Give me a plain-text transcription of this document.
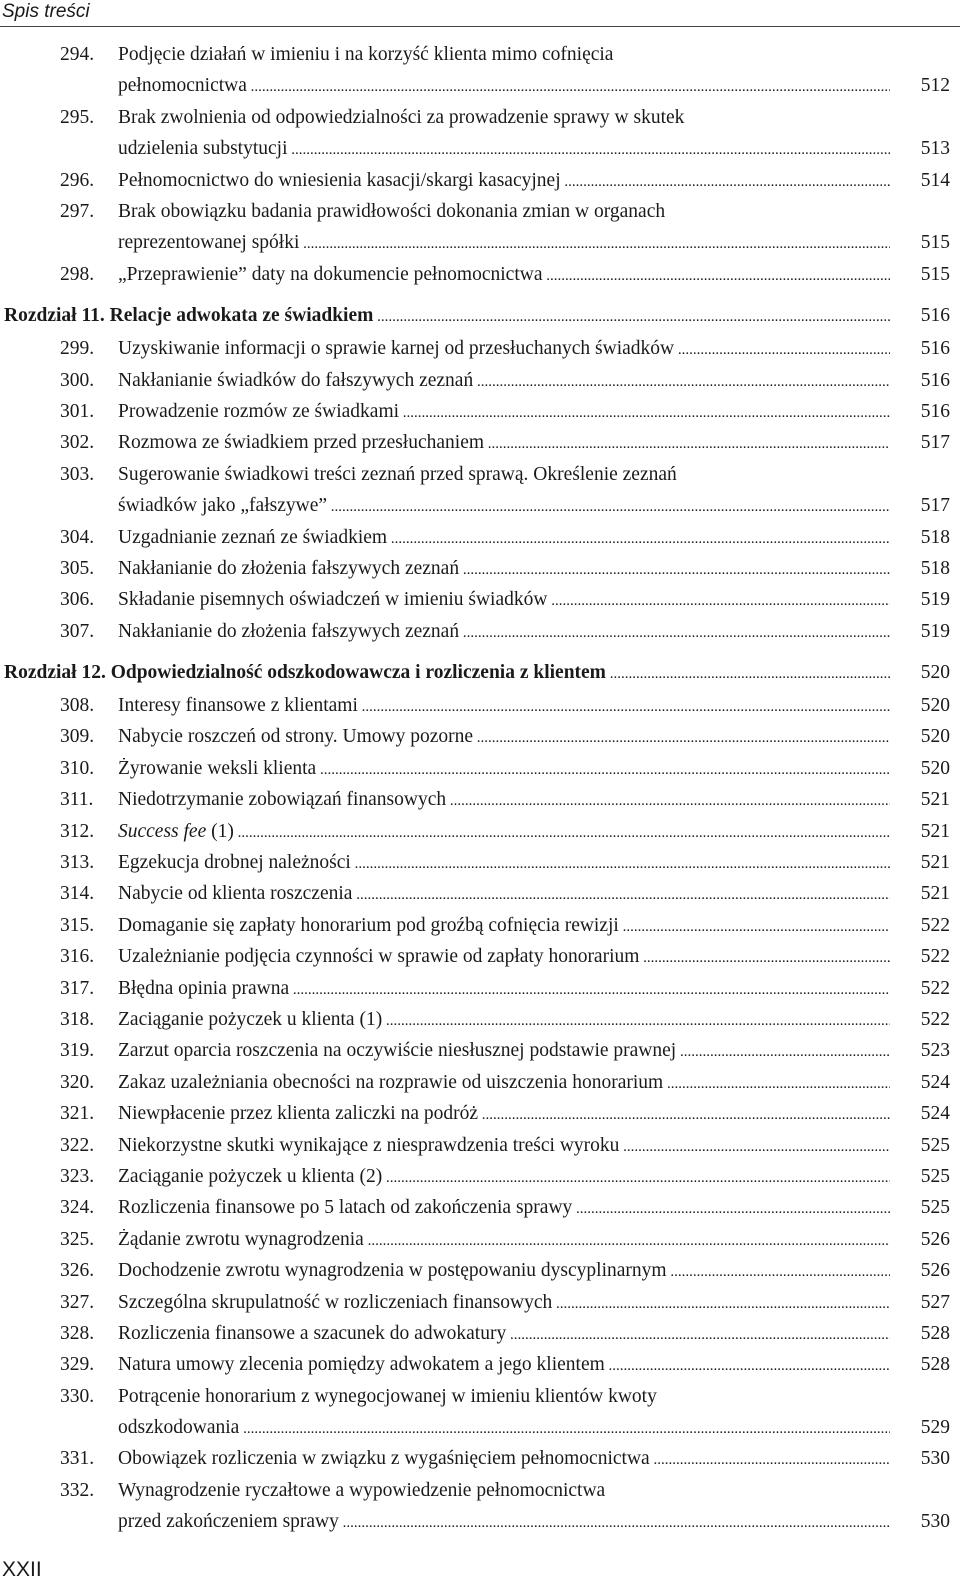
Spis treści
294. Podjęcie działań w imieniu i na korzyść klienta mimo cofnięcia
pełnomocnictwa .....	512
295. Brak zwolnienia od odpowiedzialności za prowadzenie sprawy w skutek
udzielenia substytucji .....	513
296. Pełnomocnictwo do wniesienia kasacji/skargi kasacyjnej .....	514
297. Brak obowiązku badania prawidłowości dokonania zmian w organach
reprezentowanej spółki .....	515
298. „Przeprawienie” daty na dokumencie pełnomocnictwa .....	515
Rozdział 11. Relacje adwokata ze świadkiem .....	516
299. Uzyskiwanie informacji o sprawie karnej od przesłuchanych świadków .....	516
300. Nakłanianie świadków do fałszywych zeznań .....	516
301. Prowadzenie rozmów ze świadkami .....	516
302. Rozmowa ze świadkiem przed przesłuchaniem .....	517
303. Sugerowanie świadkowi treści zeznań przed sprawą. Określenie zeznań
świadków jako „fałszywe” .....	517
304. Uzgadnianie zeznań ze świadkiem .....	518
305. Nakłanianie do złożenia fałszywych zeznań .....	518
306. Składanie pisemnych oświadczeń w imieniu świadków .....	519
307. Nakłanianie do złożenia fałszywych zeznań .....	519
Rozdział 12. Odpowiedzialność odszkodowawcza i rozliczenia z klientem .....	520
308. Interesy finansowe z klientami .....	520
309. Nabycie roszczeń od strony. Umowy pozorne .....	520
310. Żyrowanie weksli klienta .....	520
311. Niedotrzymanie zobowiązań finansowych .....	521
312. Success fee (1) .....	521
313. Egzekucja drobnej należności .....	521
314. Nabycie od klienta roszczenia .....	521
315. Domaganie się zapłaty honorarium pod groźbą cofnięcia rewizji .....	522
316. Uzależnianie podjęcia czynności w sprawie od zapłaty honorarium .....	522
317. Błędna opinia prawna .....	522
318. Zaciąganie pożyczek u klienta (1) .....	522
319. Zarzut oparcia roszczenia na oczywiście niesłusznej podstawie prawnej .....	523
320. Zakaz uzależniania obecności na rozprawie od uiszczenia honorarium .....	524
321. Niewpłacenie przez klienta zaliczki na podróż .....	524
322. Niekorzystne skutki wynikające z niesprawdzenia treści wyroku .....	525
323. Zaciąganie pożyczek u klienta (2) .....	525
324. Rozliczenia finansowe po 5 latach od zakończenia sprawy .....	525
325. Żądanie zwrotu wynagrodzenia .....	526
326. Dochodzenie zwrotu wynagrodzenia w postępowaniu dyscyplinarnym .....	526
327. Szczególna skrupulatność w rozliczeniach finansowych .....	527
328. Rozliczenia finansowe a szacunek do adwokatury .....	528
329. Natura umowy zlecenia pomiędzy adwokatem a jego klientem .....	528
330. Potrącenie honorarium z wynegocjowanej w imieniu klientów kwoty
odszkodowania .....	529
331. Obowiązek rozliczenia w związku z wygaśnięciem pełnomocnictwa .....	530
332. Wynagrodzenie ryczałtowe a wypowiedzenie pełnomocnictwa
przed zakończeniem sprawy .....	530
XXII
